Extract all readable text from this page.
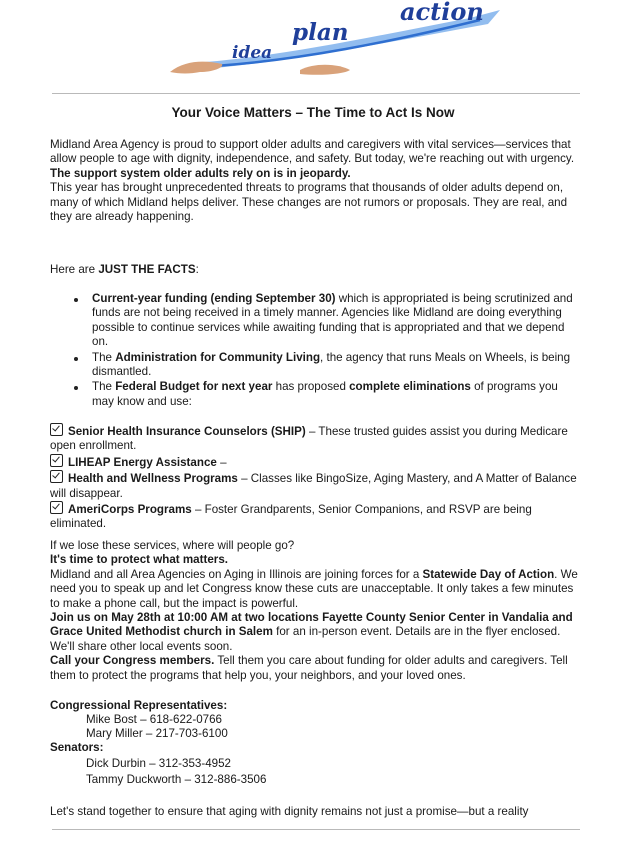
idea
plan
action
Your Voice Matters – The Time to Act Is Now

Midland Area Agency is proud to support older adults and caregivers with vital services—services that allow people to age with dignity, independence, and safety. But today, we're reaching out with urgency.
The support system older adults rely on is in jeopardy.
This year has brought unprecedented threats to programs that thousands of older adults depend on, many of which Midland helps deliver. These changes are not rumors or proposals. They are real, and they are already happening.

Here are JUST THE FACTS:

Current-year funding (ending September 30) which is appropriated is being scrutinized and funds are not being received in a timely manner. Agencies like Midland are doing everything possible to continue services while awaiting funding that is appropriated and that we depend on.
The Administration for Community Living, the agency that runs Meals on Wheels, is being dismantled.
The Federal Budget for next year has proposed complete eliminations of programs you may know and use:

Senior Health Insurance Counselors (SHIP) – These trusted guides assist you during Medicare open enrollment.
LIHEAP Energy Assistance –
Health and Wellness Programs – Classes like BingoSize, Aging Mastery, and A Matter of Balance will disappear.
AmeriCorps Programs – Foster Grandparents, Senior Companions, and RSVP are being eliminated.

If we lose these services, where will people go?
It's time to protect what matters.
Midland and all Area Agencies on Aging in Illinois are joining forces for a Statewide Day of Action. We need you to speak up and let Congress know these cuts are unacceptable. It only takes a few minutes to make a phone call, but the impact is powerful.
Join us on May 28th at 10:00 AM at two locations Fayette County Senior Center in Vandalia and Grace United Methodist church in Salem for an in-person event. Details are in the flyer enclosed. We'll share other local events soon.
Call your Congress members. Tell them you care about funding for older adults and caregivers. Tell them to protect the programs that help you, your neighbors, and your loved ones.

Congressional Representatives:
Mike Bost – 618-622-0766
Mary Miller – 217-703-6100
Senators:
Dick Durbin – 312-353-4952
Tammy Duckworth – 312-886-3506

Let's stand together to ensure that aging with dignity remains not just a promise—but a reality
